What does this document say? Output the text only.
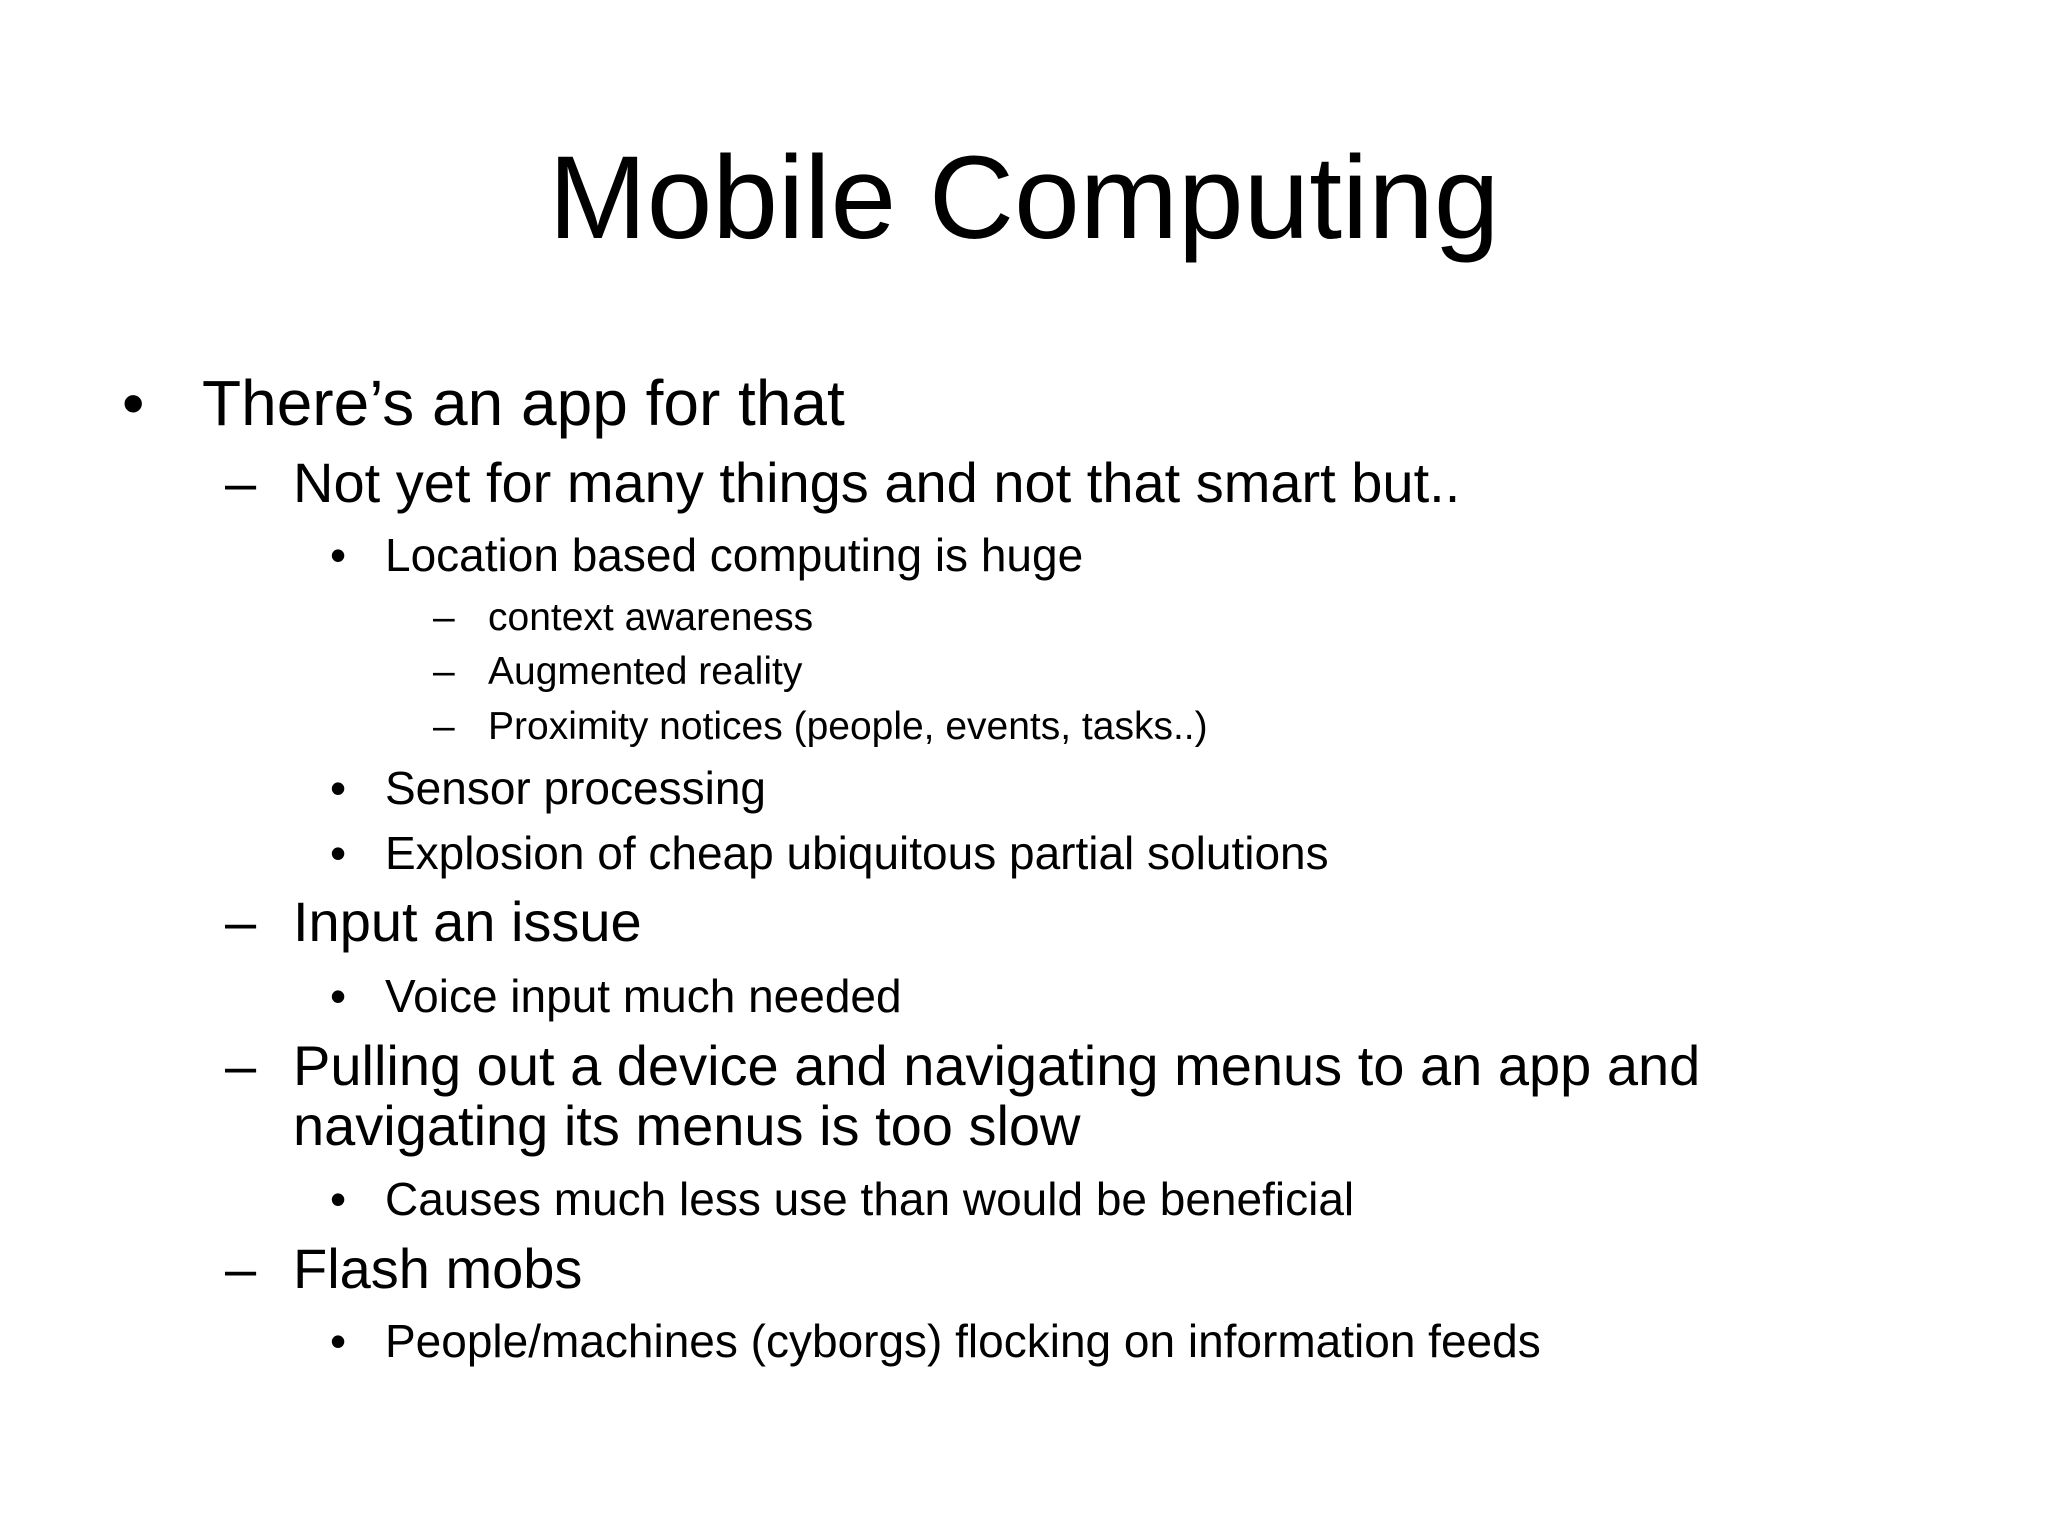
Mobile Computing
• There’s an app for that
– Not yet for many things and not that smart but..
• Location based computing is huge
– context awareness
– Augmented reality
– Proximity notices (people, events, tasks..)
• Sensor processing
• Explosion of cheap ubiquitous partial solutions
– Input an issue
• Voice input much needed
– Pulling out a device and navigating menus to an app and
navigating its menus is too slow
• Causes much less use than would be beneficial
– Flash mobs
• People/machines (cyborgs) flocking on information feeds
